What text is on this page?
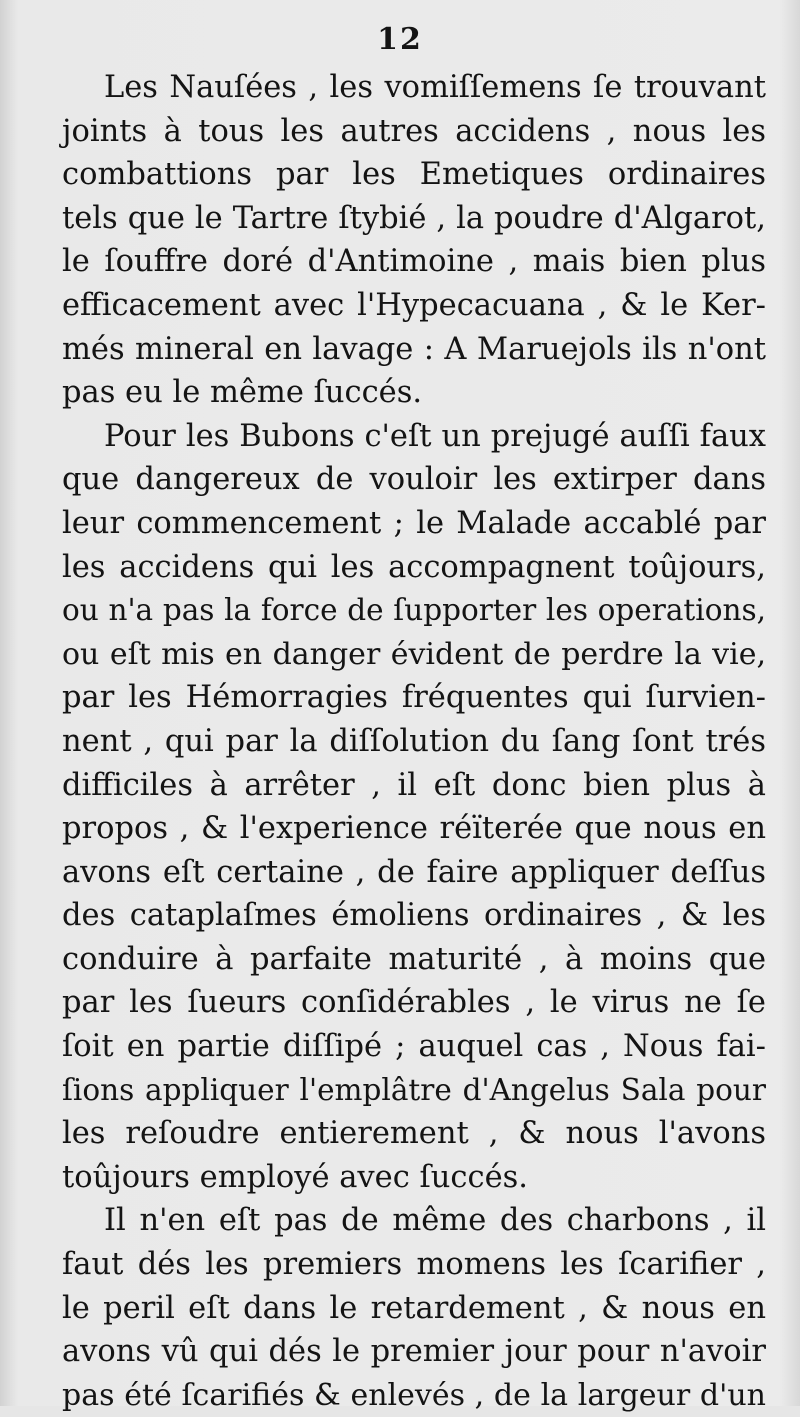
12
Les Nauſées , les vomiſſemens ſe trouvant
joints à tous les autres accidens , nous les
combattions par les Emetiques ordinaires
tels que le Tartre ſtybié , la poudre d'Algarot,
le ſouffre doré d'Antimoine , mais bien plus
efficacement avec l'Hypecacuana , & le Ker-
més mineral en lavage : A Maruejols ils n'ont
pas eu le même ſuccés.
Pour les Bubons c'eſt un prejugé auſſi faux
que dangereux de vouloir les extirper dans
leur commencement ; le Malade accablé par
les accidens qui les accompagnent toûjours,
ou n'a pas la force de ſupporter les operations,
ou eſt mis en danger évident de perdre la vie,
par les Hémorragies fréquentes qui ſurvien-
nent , qui par la diſſolution du ſang ſont trés
difficiles à arrêter , il eſt donc bien plus à
propos , & l'experience réïterée que nous en
avons eſt certaine , de faire appliquer deſſus
des cataplaſmes émoliens ordinaires , & les
conduire à parfaite maturité , à moins que
par les ſueurs conſidérables , le virus ne ſe
ſoit en partie diſſipé ; auquel cas , Nous fai-
ſions appliquer l'emplâtre d'Angelus Sala pour
les reſoudre entierement , & nous l'avons
toûjours employé avec ſuccés.
Il n'en eſt pas de même des charbons , il
faut dés les premiers momens les ſcarifier ,
le peril eſt dans le retardement , & nous en
avons vû qui dés le premier jour pour n'avoir
pas été ſcarifiés & enlevés , de la largeur d'un
